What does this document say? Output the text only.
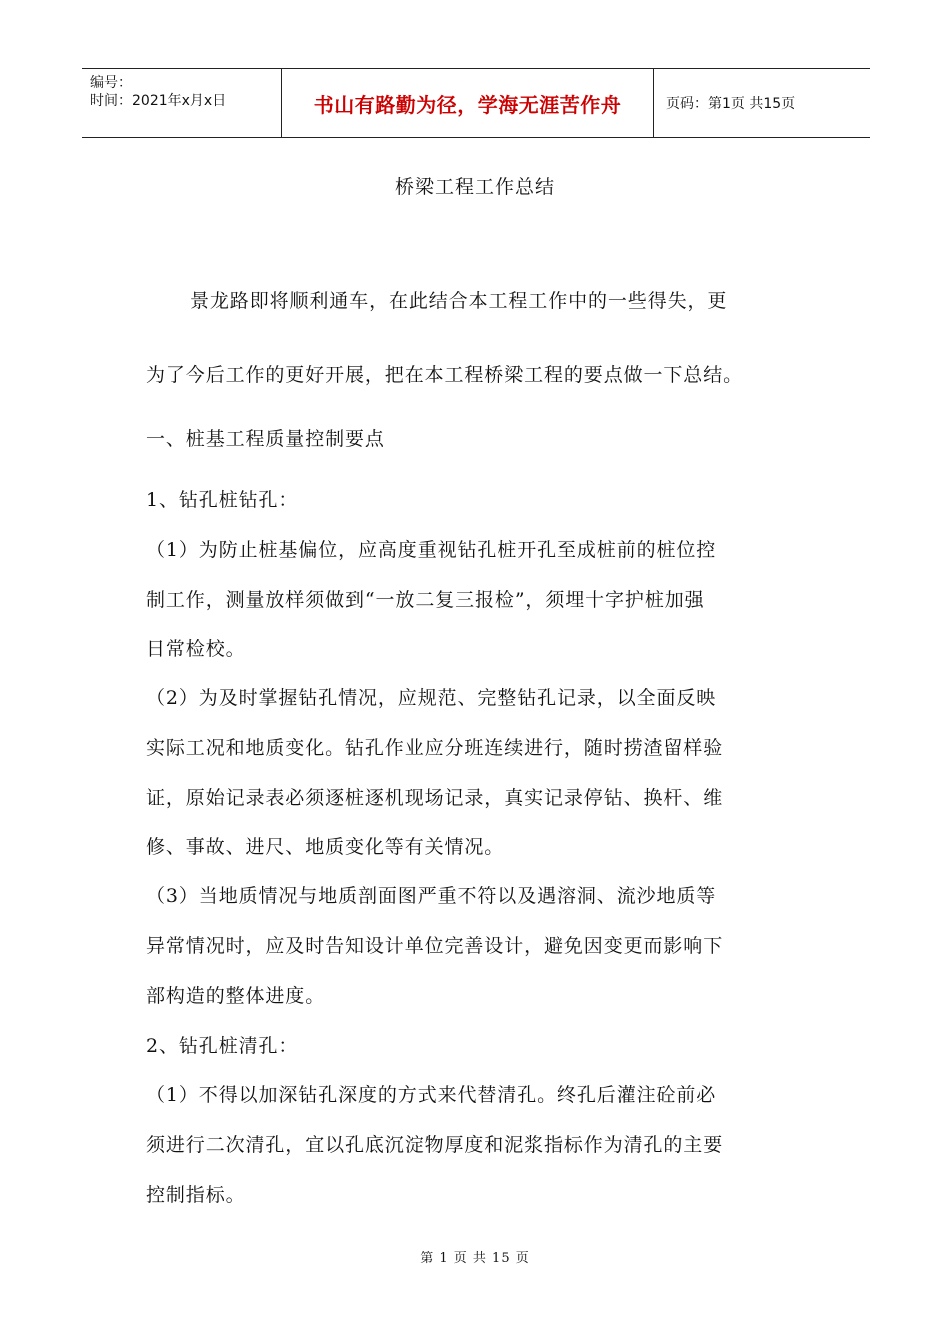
编号：
时间：2021年x月x日	书山有路勤为径，学海无涯苦作舟	页码：第1页 共15页
桥梁工程工作总结
景龙路即将顺利通车，在此结合本工程工作中的一些得失，更
为了今后工作的更好开展，把在本工程桥梁工程的要点做一下总结。
一、桩基工程质量控制要点
1、钻孔桩钻孔：
（1）为防止桩基偏位，应高度重视钻孔桩开孔至成桩前的桩位控
制工作，测量放样须做到“一放二复三报检”，须埋十字护桩加强
日常检校。
（2）为及时掌握钻孔情况，应规范、完整钻孔记录，以全面反映
实际工况和地质变化。钻孔作业应分班连续进行，随时捞渣留样验
证，原始记录表必须逐桩逐机现场记录，真实记录停钻、换杆、维
修、事故、进尺、地质变化等有关情况。
（3）当地质情况与地质剖面图严重不符以及遇溶洞、流沙地质等
异常情况时，应及时告知设计单位完善设计，避免因变更而影响下
部构造的整体进度。
2、钻孔桩清孔：
（1）不得以加深钻孔深度的方式来代替清孔。终孔后灌注砼前必
须进行二次清孔，宜以孔底沉淀物厚度和泥浆指标作为清孔的主要
控制指标。
第 1 页 共 15 页
